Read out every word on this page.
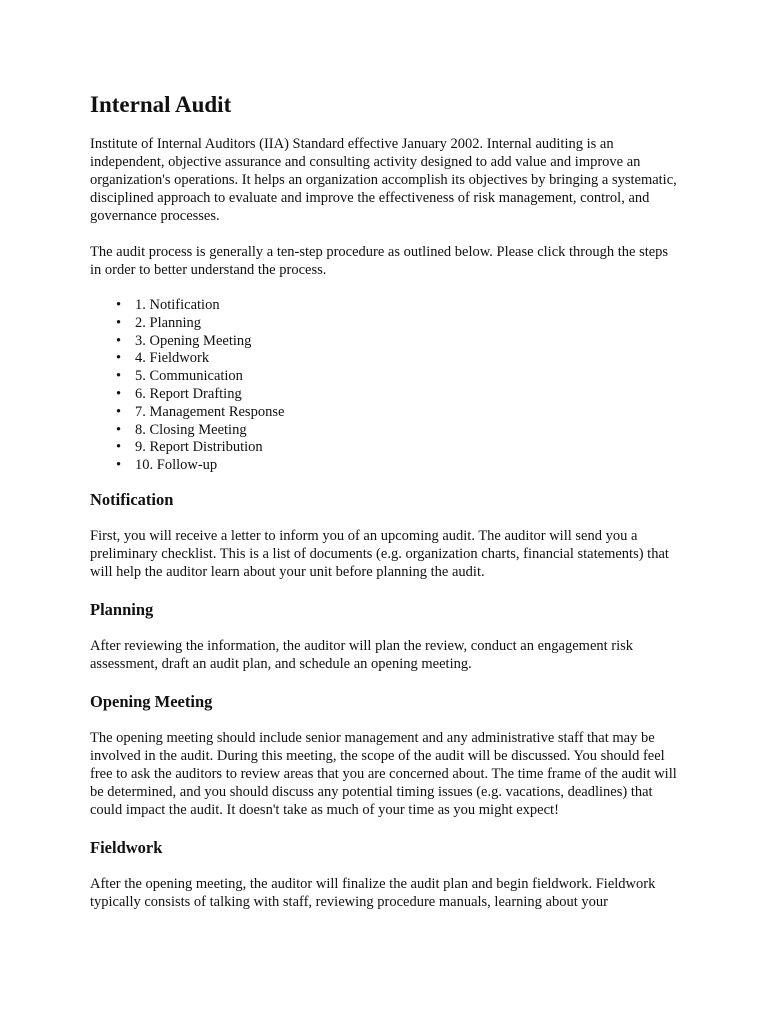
Internal Audit

Institute of Internal Auditors (IIA) Standard effective January 2002. Internal auditing is an independent, objective assurance and consulting activity designed to add value and improve an organization's operations. It helps an organization accomplish its objectives by bringing a systematic, disciplined approach to evaluate and improve the effectiveness of risk management, control, and governance processes.

The audit process is generally a ten-step procedure as outlined below. Please click through the steps in order to better understand the process.

• 1. Notification
• 2. Planning
• 3. Opening Meeting
• 4. Fieldwork
• 5. Communication
• 6. Report Drafting
• 7. Management Response
• 8. Closing Meeting
• 9. Report Distribution
• 10. Follow-up
Notification

First, you will receive a letter to inform you of an upcoming audit. The auditor will send you a preliminary checklist. This is a list of documents (e.g. organization charts, financial statements) that will help the auditor learn about your unit before planning the audit.

Planning

After reviewing the information, the auditor will plan the review, conduct an engagement risk assessment, draft an audit plan, and schedule an opening meeting.

Opening Meeting

The opening meeting should include senior management and any administrative staff that may be involved in the audit. During this meeting, the scope of the audit will be discussed. You should feel free to ask the auditors to review areas that you are concerned about. The time frame of the audit will be determined, and you should discuss any potential timing issues (e.g. vacations, deadlines) that could impact the audit. It doesn't take as much of your time as you might expect!

Fieldwork

After the opening meeting, the auditor will finalize the audit plan and begin fieldwork. Fieldwork typically consists of talking with staff, reviewing procedure manuals, learning about your
